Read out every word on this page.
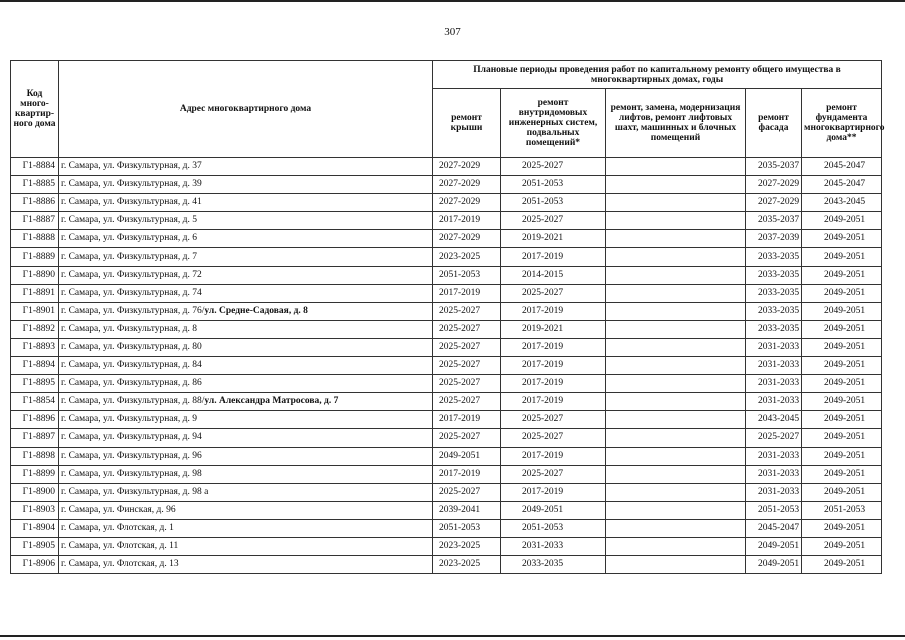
307
Код много-квартир-ного дома	Адрес многоквартирного дома	Плановые периоды проведения работ по капитальному ремонту общего имущества в многоквартирных домах, годы				
		ремонт крыши	ремонт внутридомовых инженерных систем, подвальных помещений*	ремонт, замена, модернизация лифтов, ремонт лифтовых шахт, машинных и блочных помещений	ремонт фасада	ремонт фундамента многоквартирного дома**
Г1-8884	г. Самара, ул. Физкультурная, д. 37	2027-2029	2025-2027		2035-2037	2045-2047
Г1-8885	г. Самара, ул. Физкультурная, д. 39	2027-2029	2051-2053		2027-2029	2045-2047
Г1-8886	г. Самара, ул. Физкультурная, д. 41	2027-2029	2051-2053		2027-2029	2043-2045
Г1-8887	г. Самара, ул. Физкультурная, д. 5	2017-2019	2025-2027		2035-2037	2049-2051
Г1-8888	г. Самара, ул. Физкультурная, д. 6	2027-2029	2019-2021		2037-2039	2049-2051
Г1-8889	г. Самара, ул. Физкультурная, д. 7	2023-2025	2017-2019		2033-2035	2049-2051
Г1-8890	г. Самара, ул. Физкультурная, д. 72	2051-2053	2014-2015		2033-2035	2049-2051
Г1-8891	г. Самара, ул. Физкультурная, д. 74	2017-2019	2025-2027		2033-2035	2049-2051
Г1-8901	г. Самара, ул. Физкультурная, д. 76/ул. Средне-Садовая, д. 8	2025-2027	2017-2019		2033-2035	2049-2051
Г1-8892	г. Самара, ул. Физкультурная, д. 8	2025-2027	2019-2021		2033-2035	2049-2051
Г1-8893	г. Самара, ул. Физкультурная, д. 80	2025-2027	2017-2019		2031-2033	2049-2051
Г1-8894	г. Самара, ул. Физкультурная, д. 84	2025-2027	2017-2019		2031-2033	2049-2051
Г1-8895	г. Самара, ул. Физкультурная, д. 86	2025-2027	2017-2019		2031-2033	2049-2051
Г1-8854	г. Самара, ул. Физкультурная, д. 88/ул. Александра Матросова, д. 7	2025-2027	2017-2019		2031-2033	2049-2051
Г1-8896	г. Самара, ул. Физкультурная, д. 9	2017-2019	2025-2027		2043-2045	2049-2051
Г1-8897	г. Самара, ул. Физкультурная, д. 94	2025-2027	2025-2027		2025-2027	2049-2051
Г1-8898	г. Самара, ул. Физкультурная, д. 96	2049-2051	2017-2019		2031-2033	2049-2051
Г1-8899	г. Самара, ул. Физкультурная, д. 98	2017-2019	2025-2027		2031-2033	2049-2051
Г1-8900	г. Самара, ул. Физкультурная, д. 98 а	2025-2027	2017-2019		2031-2033	2049-2051
Г1-8903	г. Самара, ул. Финская, д. 96	2039-2041	2049-2051		2051-2053	2051-2053
Г1-8904	г. Самара, ул. Флотская, д. 1	2051-2053	2051-2053		2045-2047	2049-2051
Г1-8905	г. Самара, ул. Флотская, д. 11	2023-2025	2031-2033		2049-2051	2049-2051
Г1-8906	г. Самара, ул. Флотская, д. 13	2023-2025	2033-2035		2049-2051	2049-2051
